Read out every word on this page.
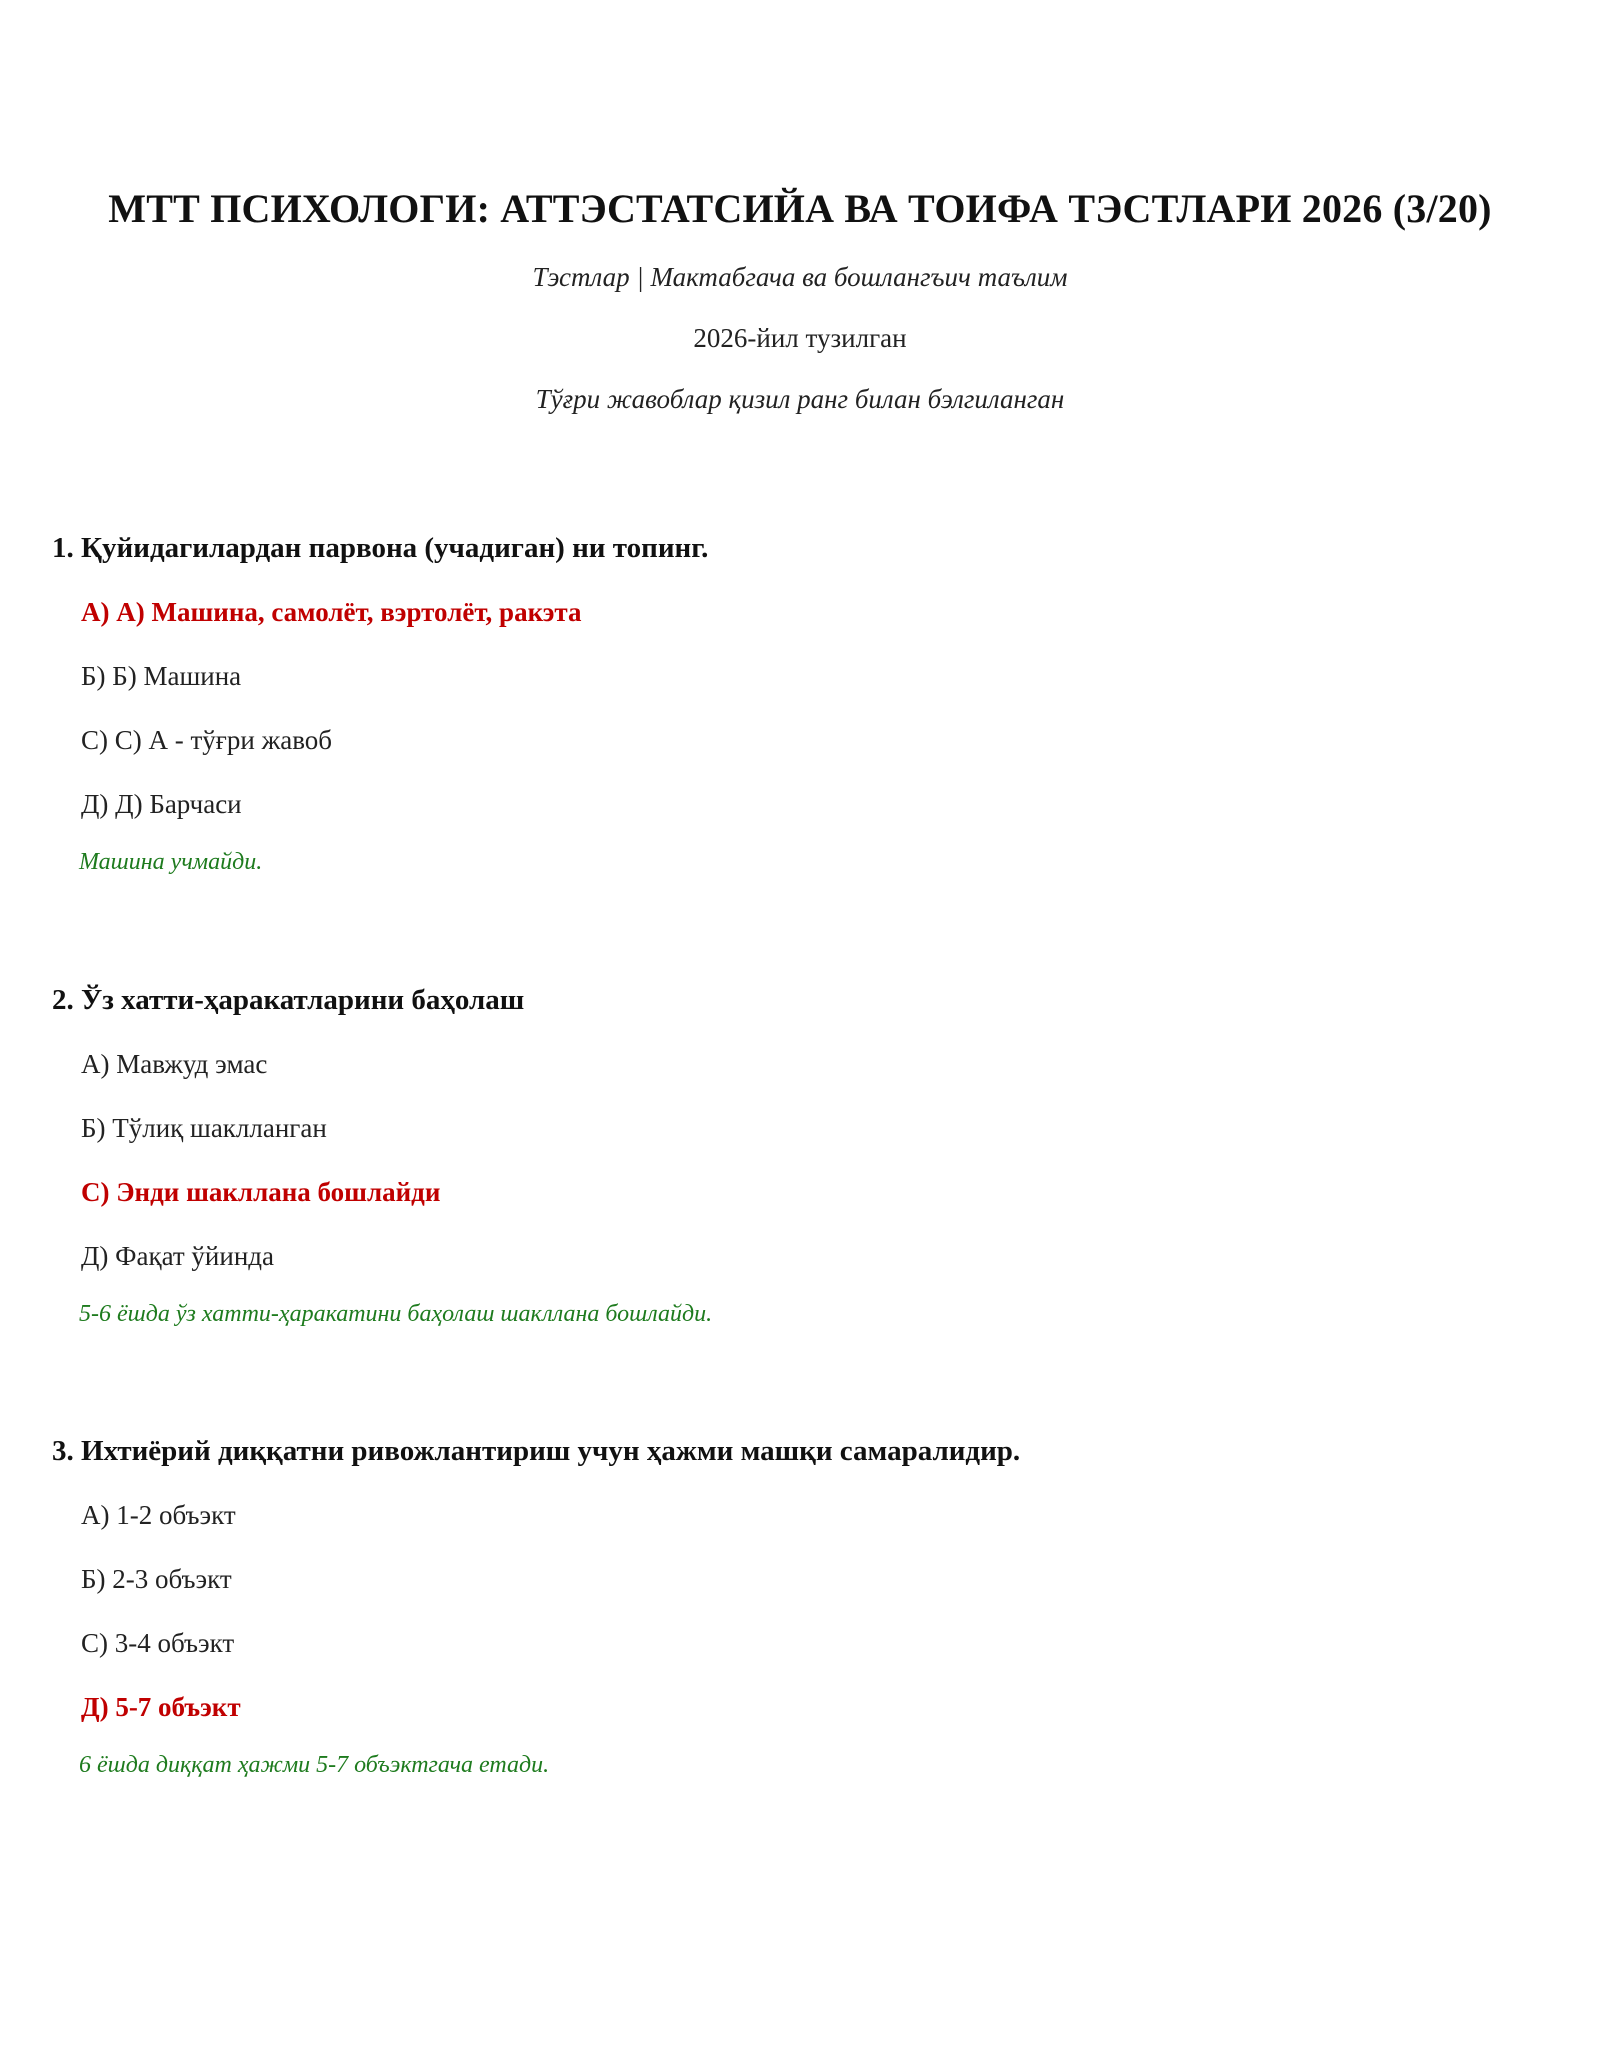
МТТ ПСИХОЛОГИ: АТТЭСТАТСИЙА ВА ТОИФА ТЭСТЛАРИ 2026 (3/20)
Тэстлар | Мактабгача ва бошлангъич таълим
2026-йил тузилган
Тўғри жавоблар қизил ранг билан бэлгиланган
1. Қуйидагилардан парвона (учадиган) ни топинг.
А) А) Машина, самолёт, вэртолёт, ракэта
Б) Б) Машина
С) С) А - тўғри жавоб
Д) Д) Барчаси
Машина учмайди.
2. Ўз хатти-ҳаракатларини баҳолаш
А) Мавжуд эмас
Б) Тўлиқ шаклланган
С) Энди шакллана бошлайди
Д) Фақат ўйинда
5-6 ёшда ўз хатти-ҳаракатини баҳолаш шакллана бошлайди.
3. Ихтиёрий диққатни ривожлантириш учун ҳажми машқи самаралидир.
А) 1-2 объэкт
Б) 2-3 объэкт
С) 3-4 объэкт
Д) 5-7 объэкт
6 ёшда диққат ҳажми 5-7 объэктгача етади.
